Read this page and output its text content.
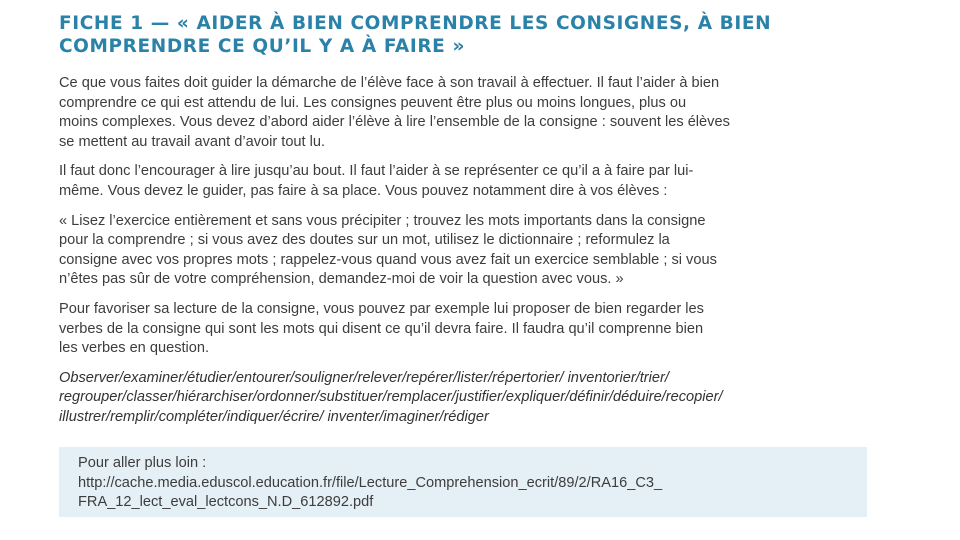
FICHE 1 — « AIDER À BIEN COMPRENDRE LES CONSIGNES, À BIEN
COMPRENDRE CE QU’IL Y A À FAIRE »

Ce que vous faites doit guider la démarche de l’élève face à son travail à effectuer. Il faut l’aider à bien
comprendre ce qui est attendu de lui. Les consignes peuvent être plus ou moins longues, plus ou
moins complexes. Vous devez d’abord aider l’élève à lire l’ensemble de la consigne : souvent les élèves
se mettent au travail avant d’avoir tout lu.

Il faut donc l’encourager à lire jusqu’au bout. Il faut l’aider à se représenter ce qu’il a à faire par lui-
même. Vous devez le guider, pas faire à sa place. Vous pouvez notamment dire à vos élèves :

« Lisez l’exercice entièrement et sans vous précipiter ; trouvez les mots importants dans la consigne
pour la comprendre ; si vous avez des doutes sur un mot, utilisez le dictionnaire ; reformulez la
consigne avec vos propres mots ; rappelez-vous quand vous avez fait un exercice semblable ; si vous
n’êtes pas sûr de votre compréhension, demandez-moi de voir la question avec vous. »

Pour favoriser sa lecture de la consigne, vous pouvez par exemple lui proposer de bien regarder les
verbes de la consigne qui sont les mots qui disent ce qu’il devra faire. Il faudra qu’il comprenne bien
les verbes en question.

Observer/examiner/étudier/entourer/souligner/relever/repérer/lister/répertorier/ inventorier/trier/
regrouper/classer/hiérarchiser/ordonner/substituer/remplacer/justifier/expliquer/définir/déduire/recopier/
illustrer/remplir/compléter/indiquer/écrire/ inventer/imaginer/rédiger

Pour aller plus loin :
http://cache.media.eduscol.education.fr/file/Lecture_Comprehension_ecrit/89/2/RA16_C3_
FRA_12_lect_eval_lectcons_N.D_612892.pdf
